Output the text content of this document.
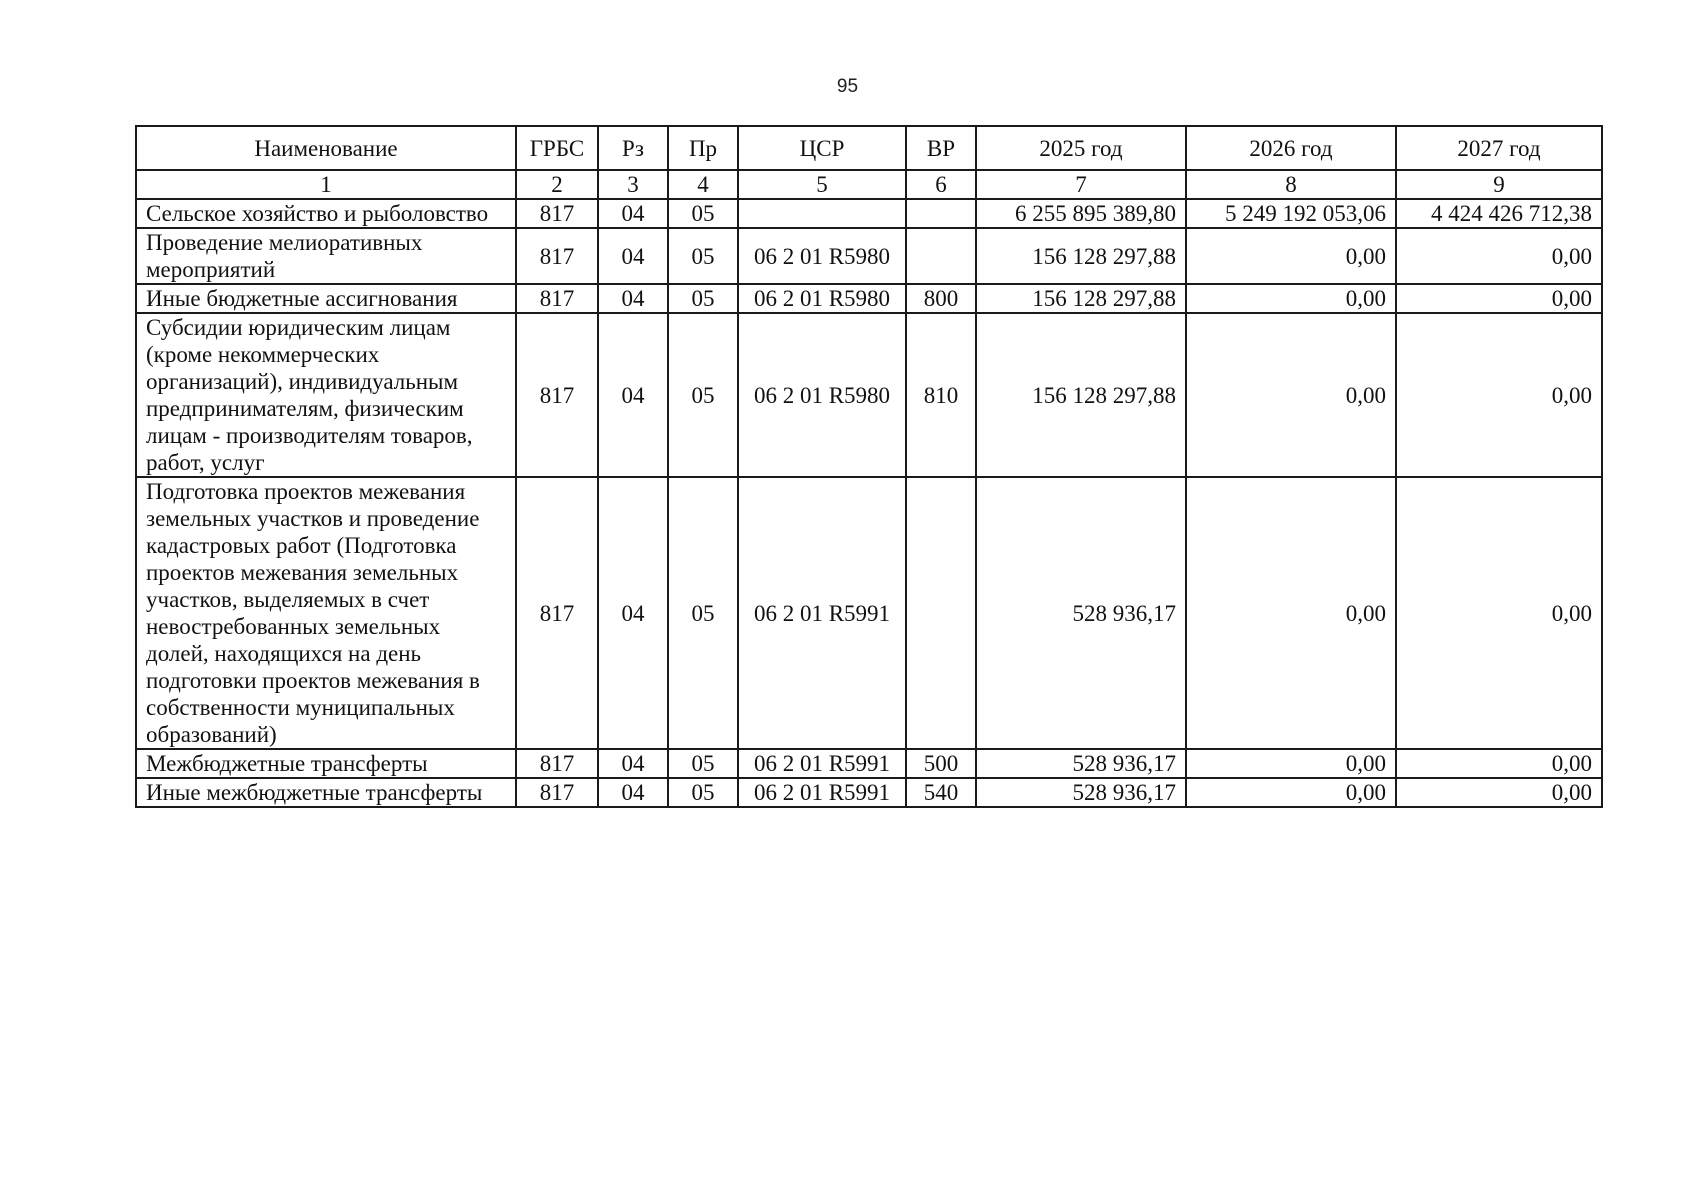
95
Наименование	ГРБС	Рз	Пр	ЦСР	ВР	2025 год	2026 год	2027 год
1	2	3	4	5	6	7	8	9
Сельское хозяйство и рыболовство	817	04	05			6 255 895 389,80	5 249 192 053,06	4 424 426 712,38
Проведение мелиоративных мероприятий	817	04	05	06 2 01 R5980		156 128 297,88	0,00	0,00
Иные бюджетные ассигнования	817	04	05	06 2 01 R5980	800	156 128 297,88	0,00	0,00
Субсидии юридическим лицам (кроме некоммерческих организаций), индивидуальным предпринимателям, физическим лицам - производителям товаров, работ, услуг	817	04	05	06 2 01 R5980	810	156 128 297,88	0,00	0,00
Подготовка проектов межевания земельных участков и проведение кадастровых работ (Подготовка проектов межевания земельных участков, выделяемых в счет невостребованных земельных долей, находящихся на день подготовки проектов межевания в собственности муниципальных образований)	817	04	05	06 2 01 R5991		528 936,17	0,00	0,00
Межбюджетные трансферты	817	04	05	06 2 01 R5991	500	528 936,17	0,00	0,00
Иные межбюджетные трансферты	817	04	05	06 2 01 R5991	540	528 936,17	0,00	0,00
